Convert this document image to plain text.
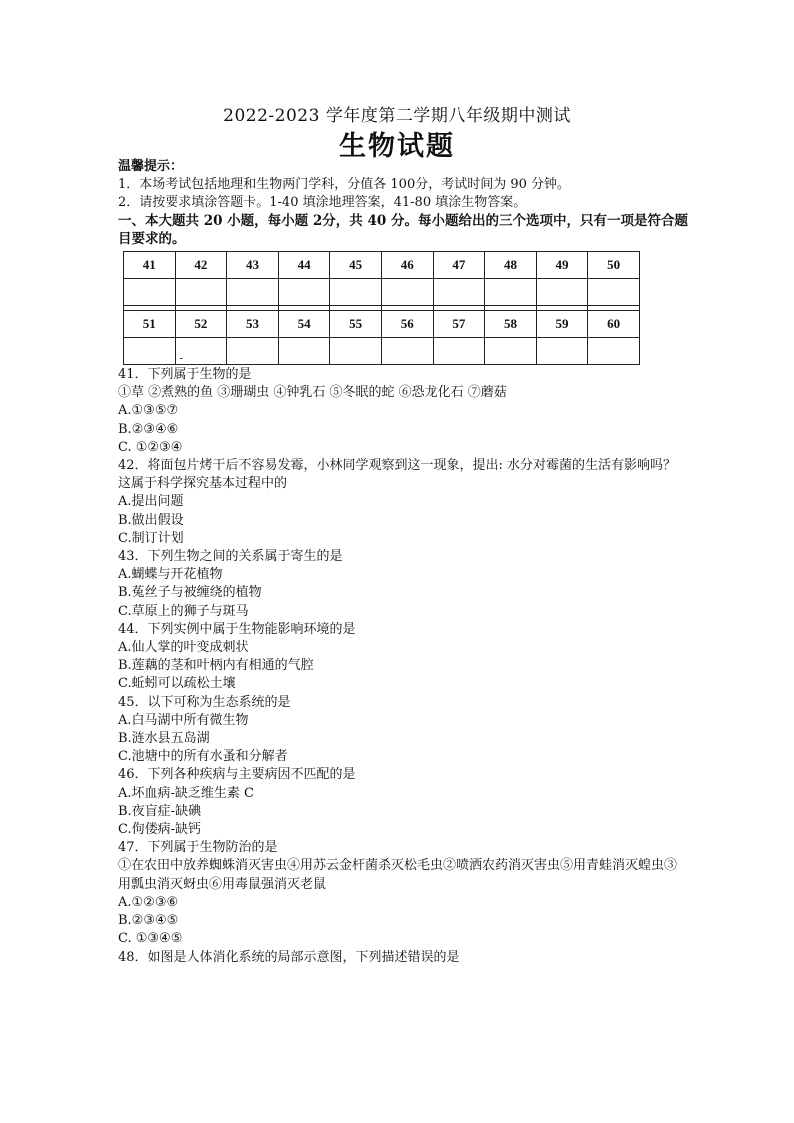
2022-2023 学年度第二学期八年级期中测试
生物试题
温馨提示：
1．本场考试包括地理和生物两门学科，分值各 100分，考试时间为 90 分钟。
2．请按要求填涂答题卡。1-40 填涂地理答案，41-80 填涂生物答案。
一、本大题共 20 小题，每小题 2分，共 40 分。每小题给出的三个选项中，只有一项是符合题目要求的。
41	42	43	44	45	46	47	48	49	50

51	52	53	54	55	56	57	58	59	60
	-								
41．下列属于生物的是
①草 ②煮熟的鱼 ③珊瑚虫 ④钟乳石 ⑤冬眠的蛇 ⑥恐龙化石 ⑦蘑菇
A.①③⑤⑦
B.②③④⑥
C. ①②③④
42．将面包片烤干后不容易发霉，小林同学观察到这一现象，提出: 水分对霉菌的生活有影响吗？这属于科学探究基本过程中的
A.提出问题
B.做出假设
C.制订计划
43．下列生物之间的关系属于寄生的是
A.蝴蝶与开花植物
B.菟丝子与被缠绕的植物
C.草原上的狮子与斑马
44．下列实例中属于生物能影响环境的是
A.仙人掌的叶变成刺状
B.莲藕的茎和叶柄内有相通的气腔
C.蚯蚓可以疏松土壤
45．以下可称为生态系统的是
A.白马湖中所有微生物
B.涟水县五岛湖
C.池塘中的所有水蚤和分解者
46．下列各种疾病与主要病因不匹配的是
A.坏血病-缺乏维生素 C
B.夜盲症-缺碘
C.佝偻病-缺钙
47．下列属于生物防治的是
①在农田中放养蜘蛛消灭害虫④用苏云金杆菌杀灭松毛虫②喷洒农药消灭害虫⑤用青蛙消灭蝗虫③用瓢虫消灭蚜虫⑥用毒鼠强消灭老鼠
A.①②③⑥
B.②③④⑤
C. ①③④⑤
48．如图是人体消化系统的局部示意图，下列描述错误的是
